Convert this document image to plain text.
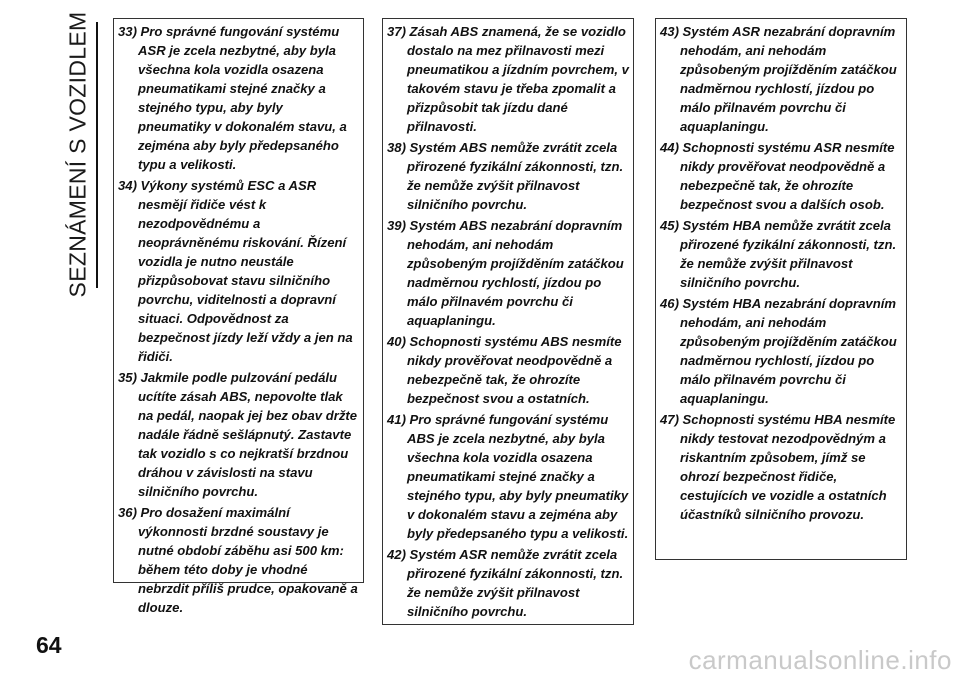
SEZNÁMENÍ S VOZIDLEM 33) Pro správné fungování systému ASR je zcela nezbytné, aby byla všechna kola vozidla osazena pneumatikami stejné značky a stejného typu, aby byly pneumatiky v dokonalém stavu, a zejména aby byly předepsaného typu a velikosti.

34) Výkony systémů ESC a ASR nesmějí řidiče vést k nezodpovědnému a neoprávněnému riskování. Řízení vozidla je nutno neustále přizpůsobovat stavu silničního povrchu, viditelnosti a dopravní situaci. Odpovědnost za bezpečnost jízdy leží vždy a jen na řidiči.

35) Jakmile podle pulzování pedálu ucítíte zásah ABS, nepovolte tlak na pedál, naopak jej bez obav držte nadále řádně sešlápnutý. Zastavte tak vozidlo s co nejkratší brzdnou dráhou v závislosti na stavu silničního povrchu.

36) Pro dosažení maximální výkonnosti brzdné soustavy je nutné období záběhu asi 500 km: během této doby je vhodné nebrzdit příliš prudce, opakovaně a dlouze.

37) Zásah ABS znamená, že se vozidlo dostalo na mez přilnavosti mezi pneumatikou a jízdním povrchem, v takovém stavu je třeba zpomalit a přizpůsobit tak jízdu dané přilnavosti.

38) Systém ABS nemůže zvrátit zcela přirozené fyzikální zákonnosti, tzn. že nemůže zvýšit přilnavost silničního povrchu.

39) Systém ABS nezabrání dopravním nehodám, ani nehodám způsobeným projížděním zatáčkou nadměrnou rychlostí, jízdou po málo přilnavém povrchu či aquaplaningu.

40) Schopnosti systému ABS nesmíte nikdy prověřovat neodpovědně a nebezpečně tak, že ohrozíte bezpečnost svou a ostatních.

41) Pro správné fungování systému ABS je zcela nezbytné, aby byla všechna kola vozidla osazena pneumatikami stejné značky a stejného typu, aby byly pneumatiky v dokonalém stavu a zejména aby byly předepsaného typu a velikosti.

42) Systém ASR nemůže zvrátit zcela přirozené fyzikální zákonnosti, tzn. že nemůže zvýšit přilnavost silničního povrchu.

43) Systém ASR nezabrání dopravním nehodám, ani nehodám způsobeným projížděním zatáčkou nadměrnou rychlostí, jízdou po málo přilnavém povrchu či aquaplaningu.

44) Schopnosti systému ASR nesmíte nikdy prověřovat neodpovědně a nebezpečně tak, že ohrozíte bezpečnost svou a dalších osob.

45) Systém HBA nemůže zvrátit zcela přirozené fyzikální zákonnosti, tzn. že nemůže zvýšit přilnavost silničního povrchu.

46) Systém HBA nezabrání dopravním nehodám, ani nehodám způsobeným projížděním zatáčkou nadměrnou rychlostí, jízdou po málo přilnavém povrchu či aquaplaningu.

47) Schopnosti systému HBA nesmíte nikdy testovat nezodpovědným a riskantním způsobem, jímž se ohrozí bezpečnost řidiče, cestujících ve vozidle a ostatních účastníků silničního provozu.

64	carmanualsonline.info
